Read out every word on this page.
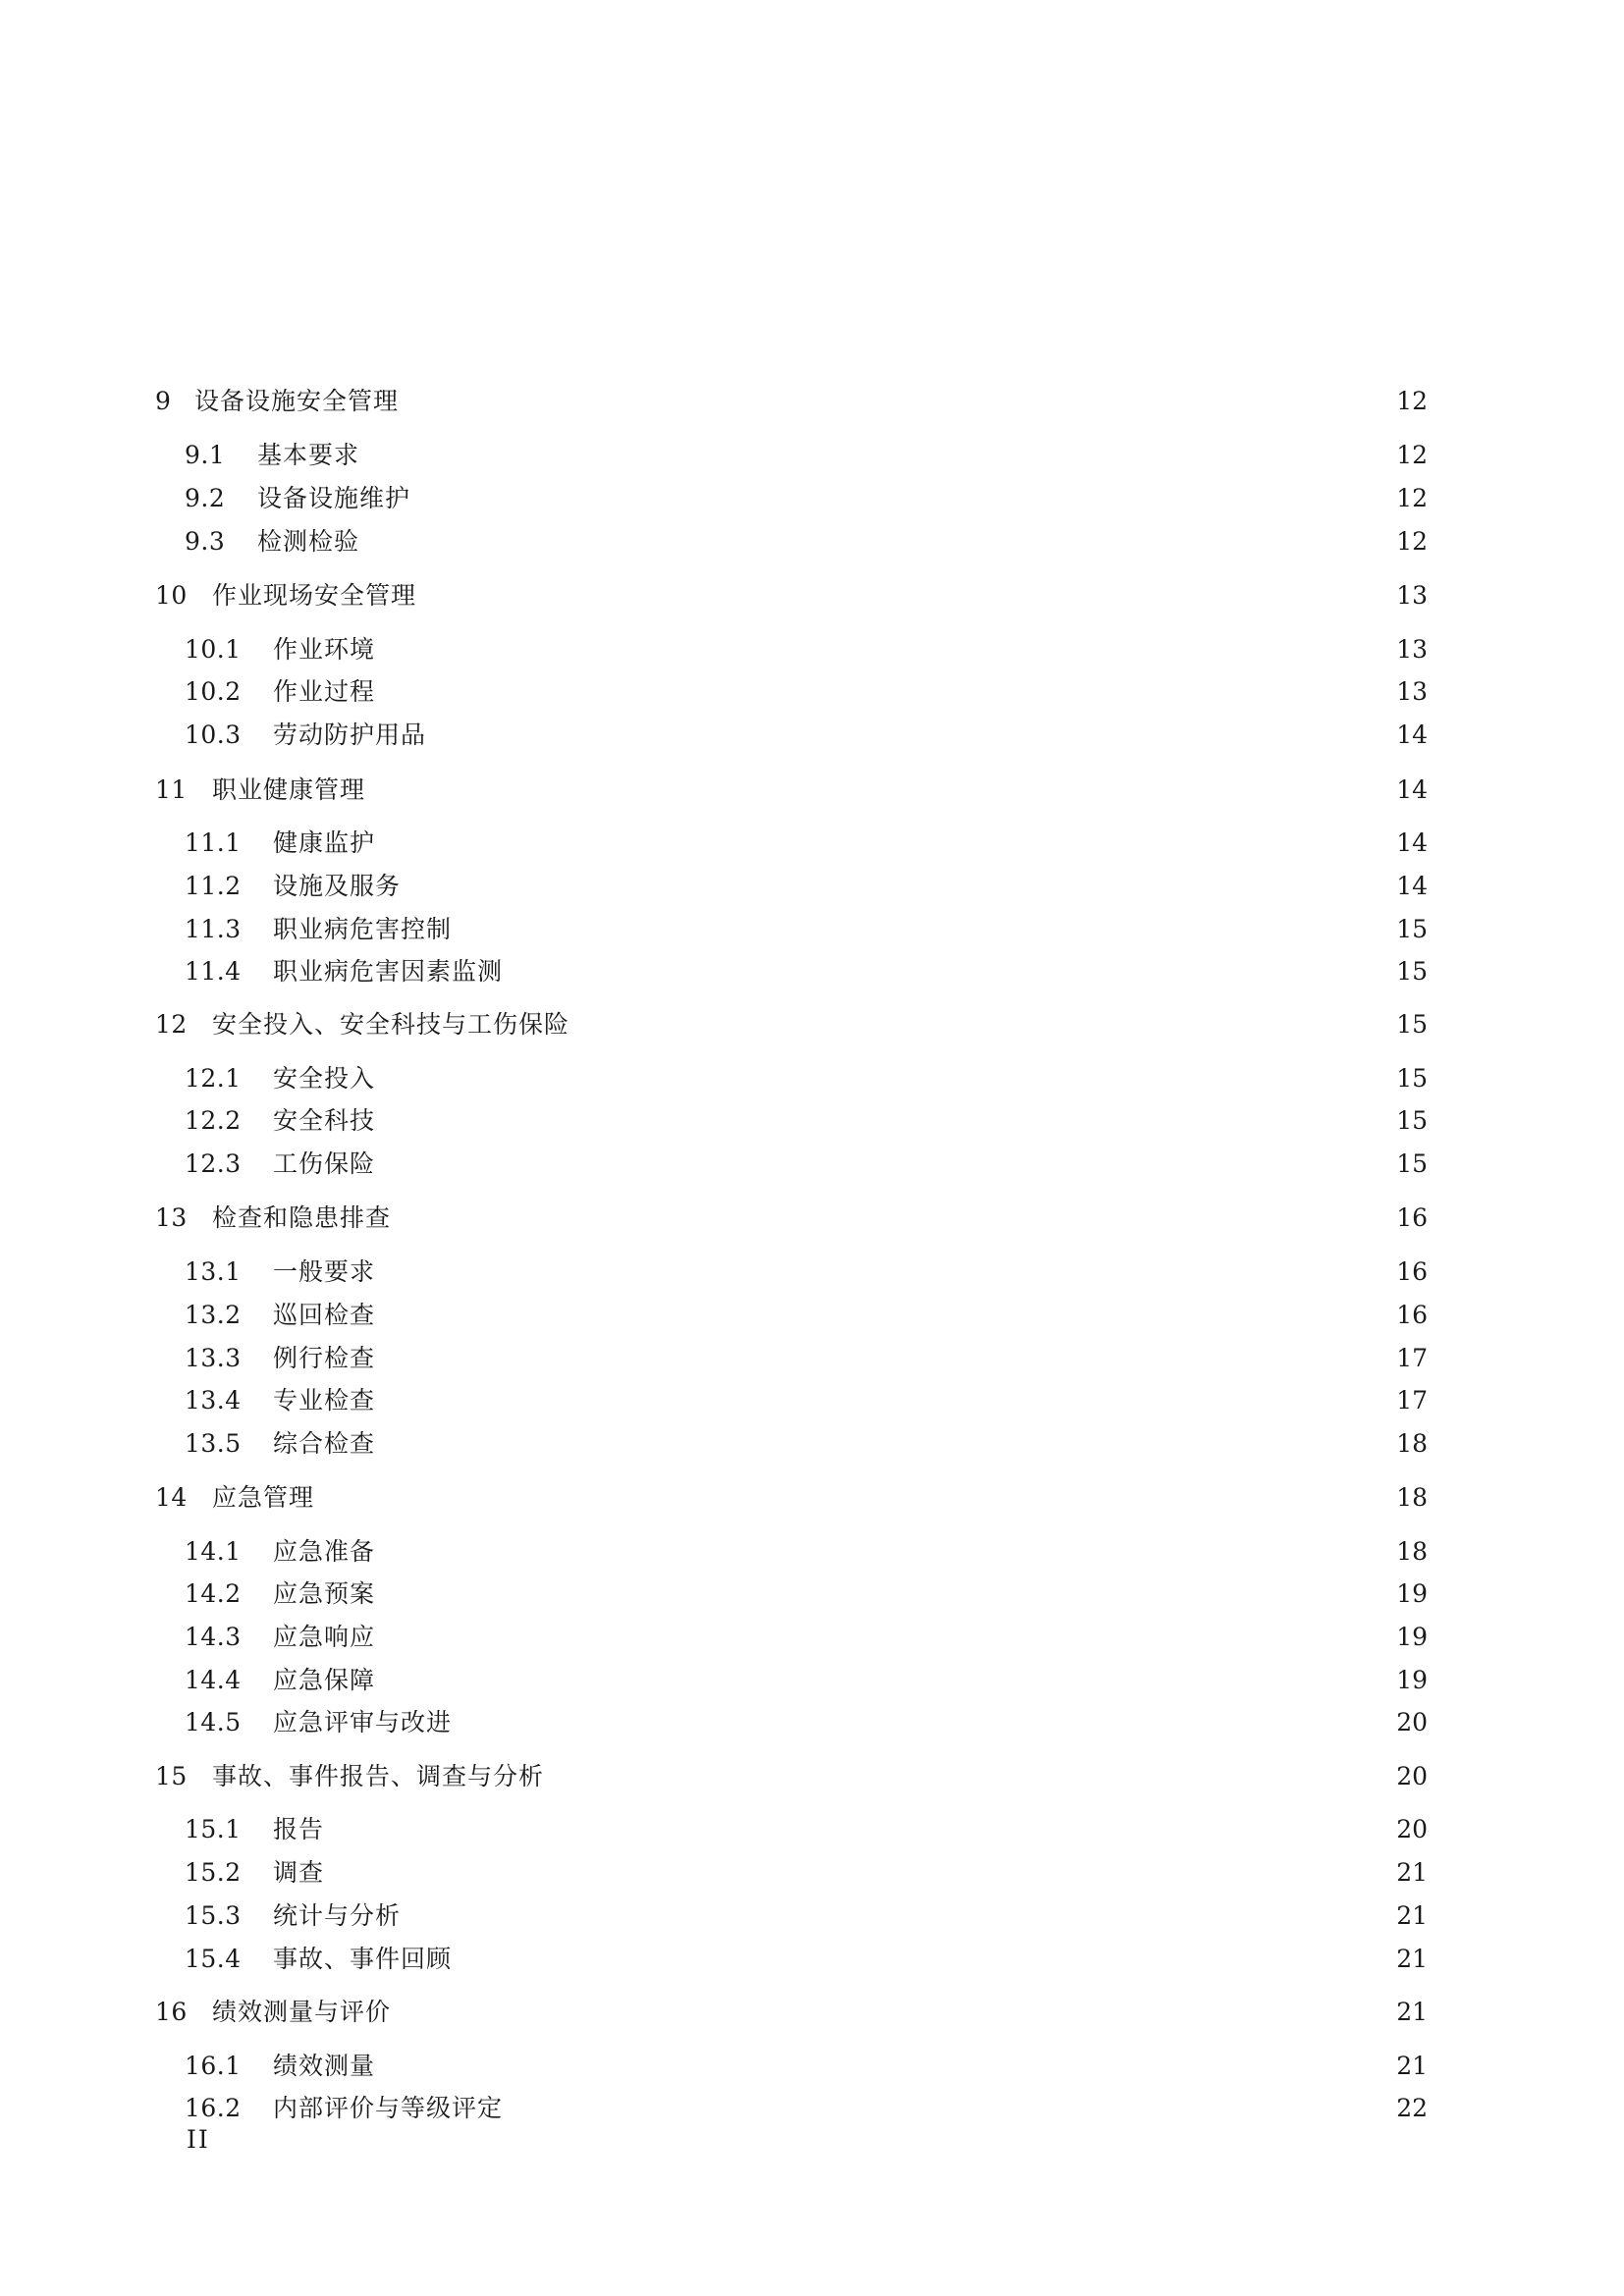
9 设备设施安全管理	12
9.1	基本要求	12
9.2	设备设施维护	12
9.3	检测检验	12
10	作业现场安全管理	13
10.1	作业环境	13
10.2	作业过程	13
10.3	劳动防护用品	14
11	职业健康管理	14
11.1	健康监护	14
11.2	设施及服务	14
11.3	职业病危害控制	15
11.4	职业病危害因素监测	15
12	安全投入、安全科技与工伤保险	15
12.1	安全投入	15
12.2	安全科技	15
12.3	工伤保险	15
13	检查和隐患排查	16
13.1	一般要求	16
13.2	巡回检查	16
13.3	例行检查	17
13.4	专业检查	17
13.5	综合检查	18
14	应急管理	18
14.1	应急准备	18
14.2	应急预案	19
14.3	应急响应	19
14.4	应急保障	19
14.5	应急评审与改进	20
15	事故、事件报告、调查与分析	20
15.1	报告	20
15.2	调查	21
15.3	统计与分析	21
15.4	事故、事件回顾	21
16	绩效测量与评价	21
16.1	绩效测量	21
16.2	内部评价与等级评定	22
II
